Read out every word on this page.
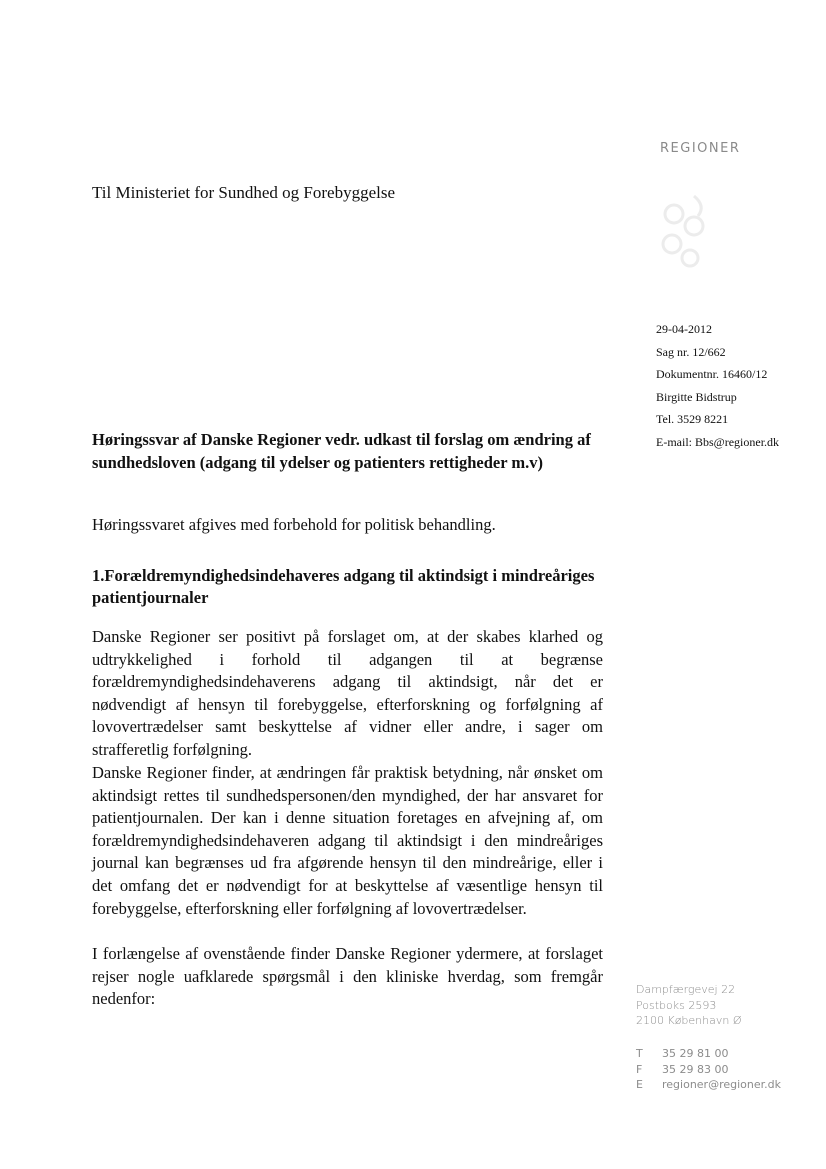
REGIONER
Til Ministeriet for Sundhed og Forebyggelse
29-04-2012
Sag nr. 12/662
Dokumentnr. 16460/12
Birgitte Bidstrup
Tel. 3529 8221
E-mail: Bbs@regioner.dk
Høringssvar af Danske Regioner vedr. udkast til forslag om ændring af sundhedsloven (adgang til ydelser og patienters rettigheder m.v)
Høringssvaret afgives med forbehold for politisk behandling.
1.Forældremyndighedsindehaveres adgang til aktindsigt i mindreåriges patientjournaler
Danske Regioner ser positivt på forslaget om, at der skabes klarhed og udtrykkelighed i forhold til adgangen til at begrænse forældremyndighedsindehaverens adgang til aktindsigt, når det er nødvendigt af hensyn til forebyggelse, efterforskning og forfølgning af lovovertrædelser samt beskyttelse af vidner eller andre, i sager om strafferetlig forfølgning.
Danske Regioner finder, at ændringen får praktisk betydning, når ønsket om aktindsigt rettes til sundhedspersonen/den myndighed, der har ansvaret for patientjournalen. Der kan i denne situation foretages en afvejning af, om forældremyndighedsindehaveren adgang til aktindsigt i den mindreåriges journal kan begrænses ud fra afgørende hensyn til den mindreårige, eller i det omfang det er nødvendigt for at beskyttelse af væsentlige hensyn til forebyggelse, efterforskning eller forfølgning af lovovertrædelser.
I forlængelse af ovenstående finder Danske Regioner ydermere, at forslaget rejser nogle uafklarede spørgsmål i den kliniske hverdag, som fremgår nedenfor:	Dampfærgevej 22
Postboks 2593
2100 København Ø
T	35 29 81 00
F	35 29 83 00
E	regioner@regioner.dk
